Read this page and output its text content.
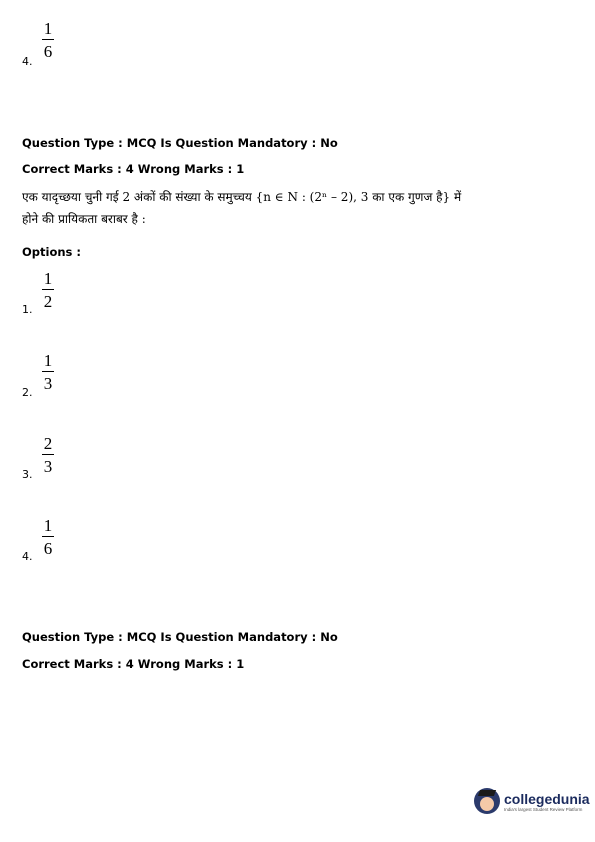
4.
1
6
Question Type : MCQ Is Question Mandatory : No
Correct Marks : 4 Wrong Marks : 1
एक यादृच्छया चुनी गई 2 अंकों की संख्या के समुच्चय {n ∈ N : (2ⁿ – 2), 3 का एक गुणज है} में होने की प्रायिकता बराबर है :
Options :
1.
1
2
2.
1
3
3.
2
3
4.
1
6
Question Type : MCQ Is Question Mandatory : No
Correct Marks : 4 Wrong Marks : 1
collegedunia
India's largest Student Review Platform
